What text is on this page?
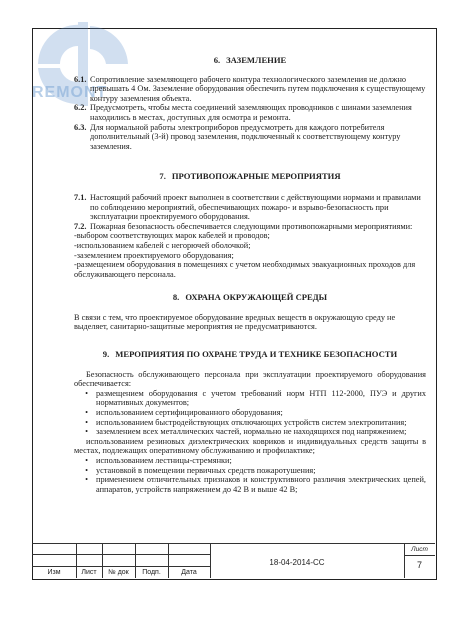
REMONT
6. ЗАЗЕМЛЕНИЕ
6.1. Сопротивление заземляющего рабочего контура технологического заземления не должно превышать 4 Ом. Заземление оборудования обеспечить путем подключения к существующему контуру заземления объекта.
6.2. Предусмотреть, чтобы места соединений заземляющих проводников с шинами заземления находились в местах, доступных для осмотра и ремонта.
6.3. Для нормальной работы электроприборов предусмотреть для каждого потребителя дополнительный (3-й) провод заземления, подключенный к соответствующему контуру заземления.
7. ПРОТИВОПОЖАРНЫЕ МЕРОПРИЯТИЯ
7.1. Настоящий рабочий проект выполнен в соответствии с действующими нормами и правилами по соблюдению мероприятий, обеспечивающих пожаро- и взрыво-безопасность при эксплуатации проектируемого оборудования.
7.2. Пожарная безопасность обеспечивается следующими противопожарными мероприятиями:
-выбором соответствующих марок кабелей и проводов;
-использованием кабелей с негорючей оболочкой;
-заземлением проектируемого оборудования;
-размещением оборудования в помещениях с учетом необходимых эвакуационных проходов для обслуживающего персонала.
8. ОХРАНА ОКРУЖАЮЩЕЙ СРЕДЫ
В связи с тем, что проектируемое оборудование вредных веществ в окружающую среду не выделяет, санитарно-защитные мероприятия не предусматриваются.
9. МЕРОПРИЯТИЯ ПО ОХРАНЕ ТРУДА И ТЕХНИКЕ БЕЗОПАСНОСТИ
Безопасность обслуживающего персонала при эксплуатации проектируемого оборудования обеспечивается:
• размещением оборудования с учетом требований норм НТП 112-2000, ПУЭ и других нормативных документов;
• использованием сертифицированного оборудования;
• использованием быстродействующих отключающих устройств систем электропитания;
• заземлением всех металлических частей, нормально не находящихся под напряжением;
использованием резиновых диэлектрических ковриков и индивидуальных средств защиты в местах, подлежащих оперативному обслуживанию и профилактике;
• использованием лестницы-стремянки;
• установкой в помещении первичных средств пожаротушения;
• применением отличительных признаков и конструктивного различия электрических цепей, аппаратов, устройств напряжением до 42 В и выше 42 В;
Изм	Лист	№ док	Подп.	Дата
18-04-2014-СС
Лист
7
